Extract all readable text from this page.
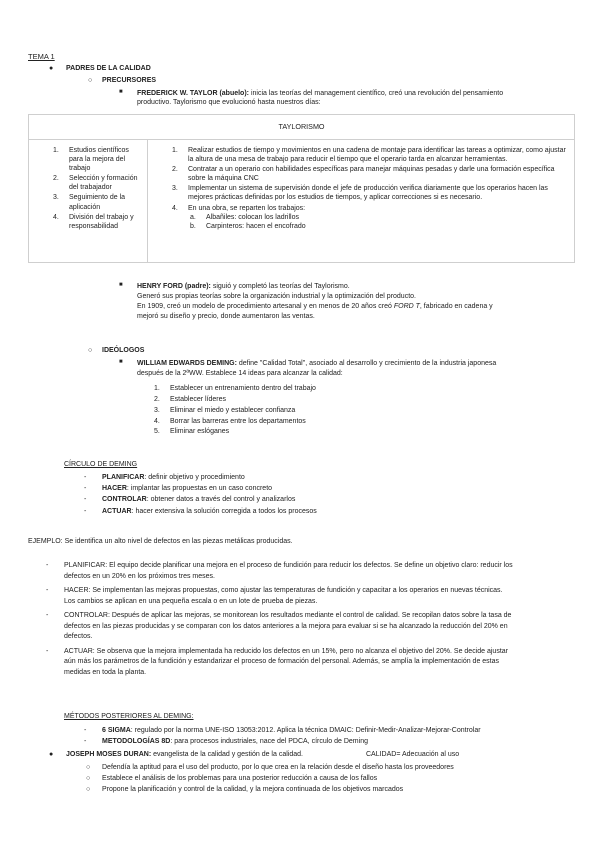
TEMA 1
● PADRES DE LA CALIDAD
○ PRECURSORES
■ FREDERICK W. TAYLOR (abuelo): inicia las teorías del management científico, creó una revolución del pensamiento
productivo. Taylorismo que evolucionó hasta nuestros días:
TAYLORISMO

1. Estudios científicos para la mejora del trabajo
2. Selección y formación del trabajador
3. Seguimiento de la aplicación
4. División del trabajo y responsabilidad

1. Realizar estudios de tiempo y movimientos en una cadena de montaje para identificar las tareas a optimizar, como ajustar la altura de una mesa de trabajo para reducir el tiempo que el operario tarda en alcanzar herramientas.
2. Contratar a un operario con habilidades específicas para manejar máquinas pesadas y darle una formación específica sobre la máquina CNC
3. Implementar un sistema de supervisión donde el jefe de producción verifica diariamente que los operarios hacen las mejores prácticas definidas por los estudios de tiempos, y aplicar correcciones si es necesario.
4. En una obra, se reparten los trabajos:
a. Albañiles: colocan los ladrillos
b. Carpinteros: hacen el encofrado
■ HENRY FORD (padre): siguió y completó las teorías del Taylorismo.
Generó sus propias teorías sobre la organización industrial y la optimización del producto.
En 1909, creó un modelo de procedimiento artesanal y en menos de 20 años creó FORD T, fabricado en cadena y
mejoró su diseño y precio, donde aumentaron las ventas.
○ IDEÓLOGOS
■ WILLIAM EDWARDS DEMING: define "Calidad Total", asociado al desarrollo y crecimiento de la industria japonesa
después de la 2ªWW. Establece 14 ideas para alcanzar la calidad:
1. Establecer un entrenamiento dentro del trabajo
2. Establecer líderes
3. Eliminar el miedo y establecer confianza
4. Borrar las barreras entre los departamentos
5. Eliminar eslóganes
CÍRCULO DE DEMING
- PLANIFICAR: definir objetivo y procedimiento
- HACER: implantar las propuestas en un caso concreto
- CONTROLAR: obtener datos a través del control y analizarlos
- ACTUAR: hacer extensiva la solución corregida a todos los procesos
EJEMPLO: Se identifica un alto nivel de defectos en las piezas metálicas producidas.
- PLANIFICAR: El equipo decide planificar una mejora en el proceso de fundición para reducir los defectos. Se define un objetivo claro: reducir los
defectos en un 20% en los próximos tres meses.
- HACER: Se implementan las mejoras propuestas, como ajustar las temperaturas de fundición y capacitar a los operarios en nuevas técnicas.
Los cambios se aplican en una pequeña escala o en un lote de prueba de piezas.
- CONTROLAR: Después de aplicar las mejoras, se monitorean los resultados mediante el control de calidad. Se recopilan datos sobre la tasa de
defectos en las piezas producidas y se comparan con los datos anteriores a la mejora para evaluar si se ha alcanzado la reducción del 20% en
defectos.
- ACTUAR: Se observa que la mejora implementada ha reducido los defectos en un 15%, pero no alcanza el objetivo del 20%. Se decide ajustar
aún más los parámetros de la fundición y estandarizar el proceso de formación del personal. Además, se amplía la implementación de estas
medidas en toda la planta.
MÉTODOS POSTERIORES AL DEMING:
- 6 SIGMA: regulado por la norma UNE-ISO 13053:2012. Aplica la técnica DMAIC: Definir-Medir-Analizar-Mejorar-Controlar
- METODOLOGÍAS 8D: para procesos industriales, nace del PDCA, círculo de Deming
● JOSEPH MOSES DURAN: evangelista de la calidad y gestión de la calidad.	CALIDAD= Adecuación al uso
○ Defendía la aptitud para el uso del producto, por lo que crea en la relación desde el diseño hasta los proveedores
○ Establece el análisis de los problemas para una posterior reducción a causa de los fallos
○ Propone la planificación y control de la calidad, y la mejora continuada de los objetivos marcados
